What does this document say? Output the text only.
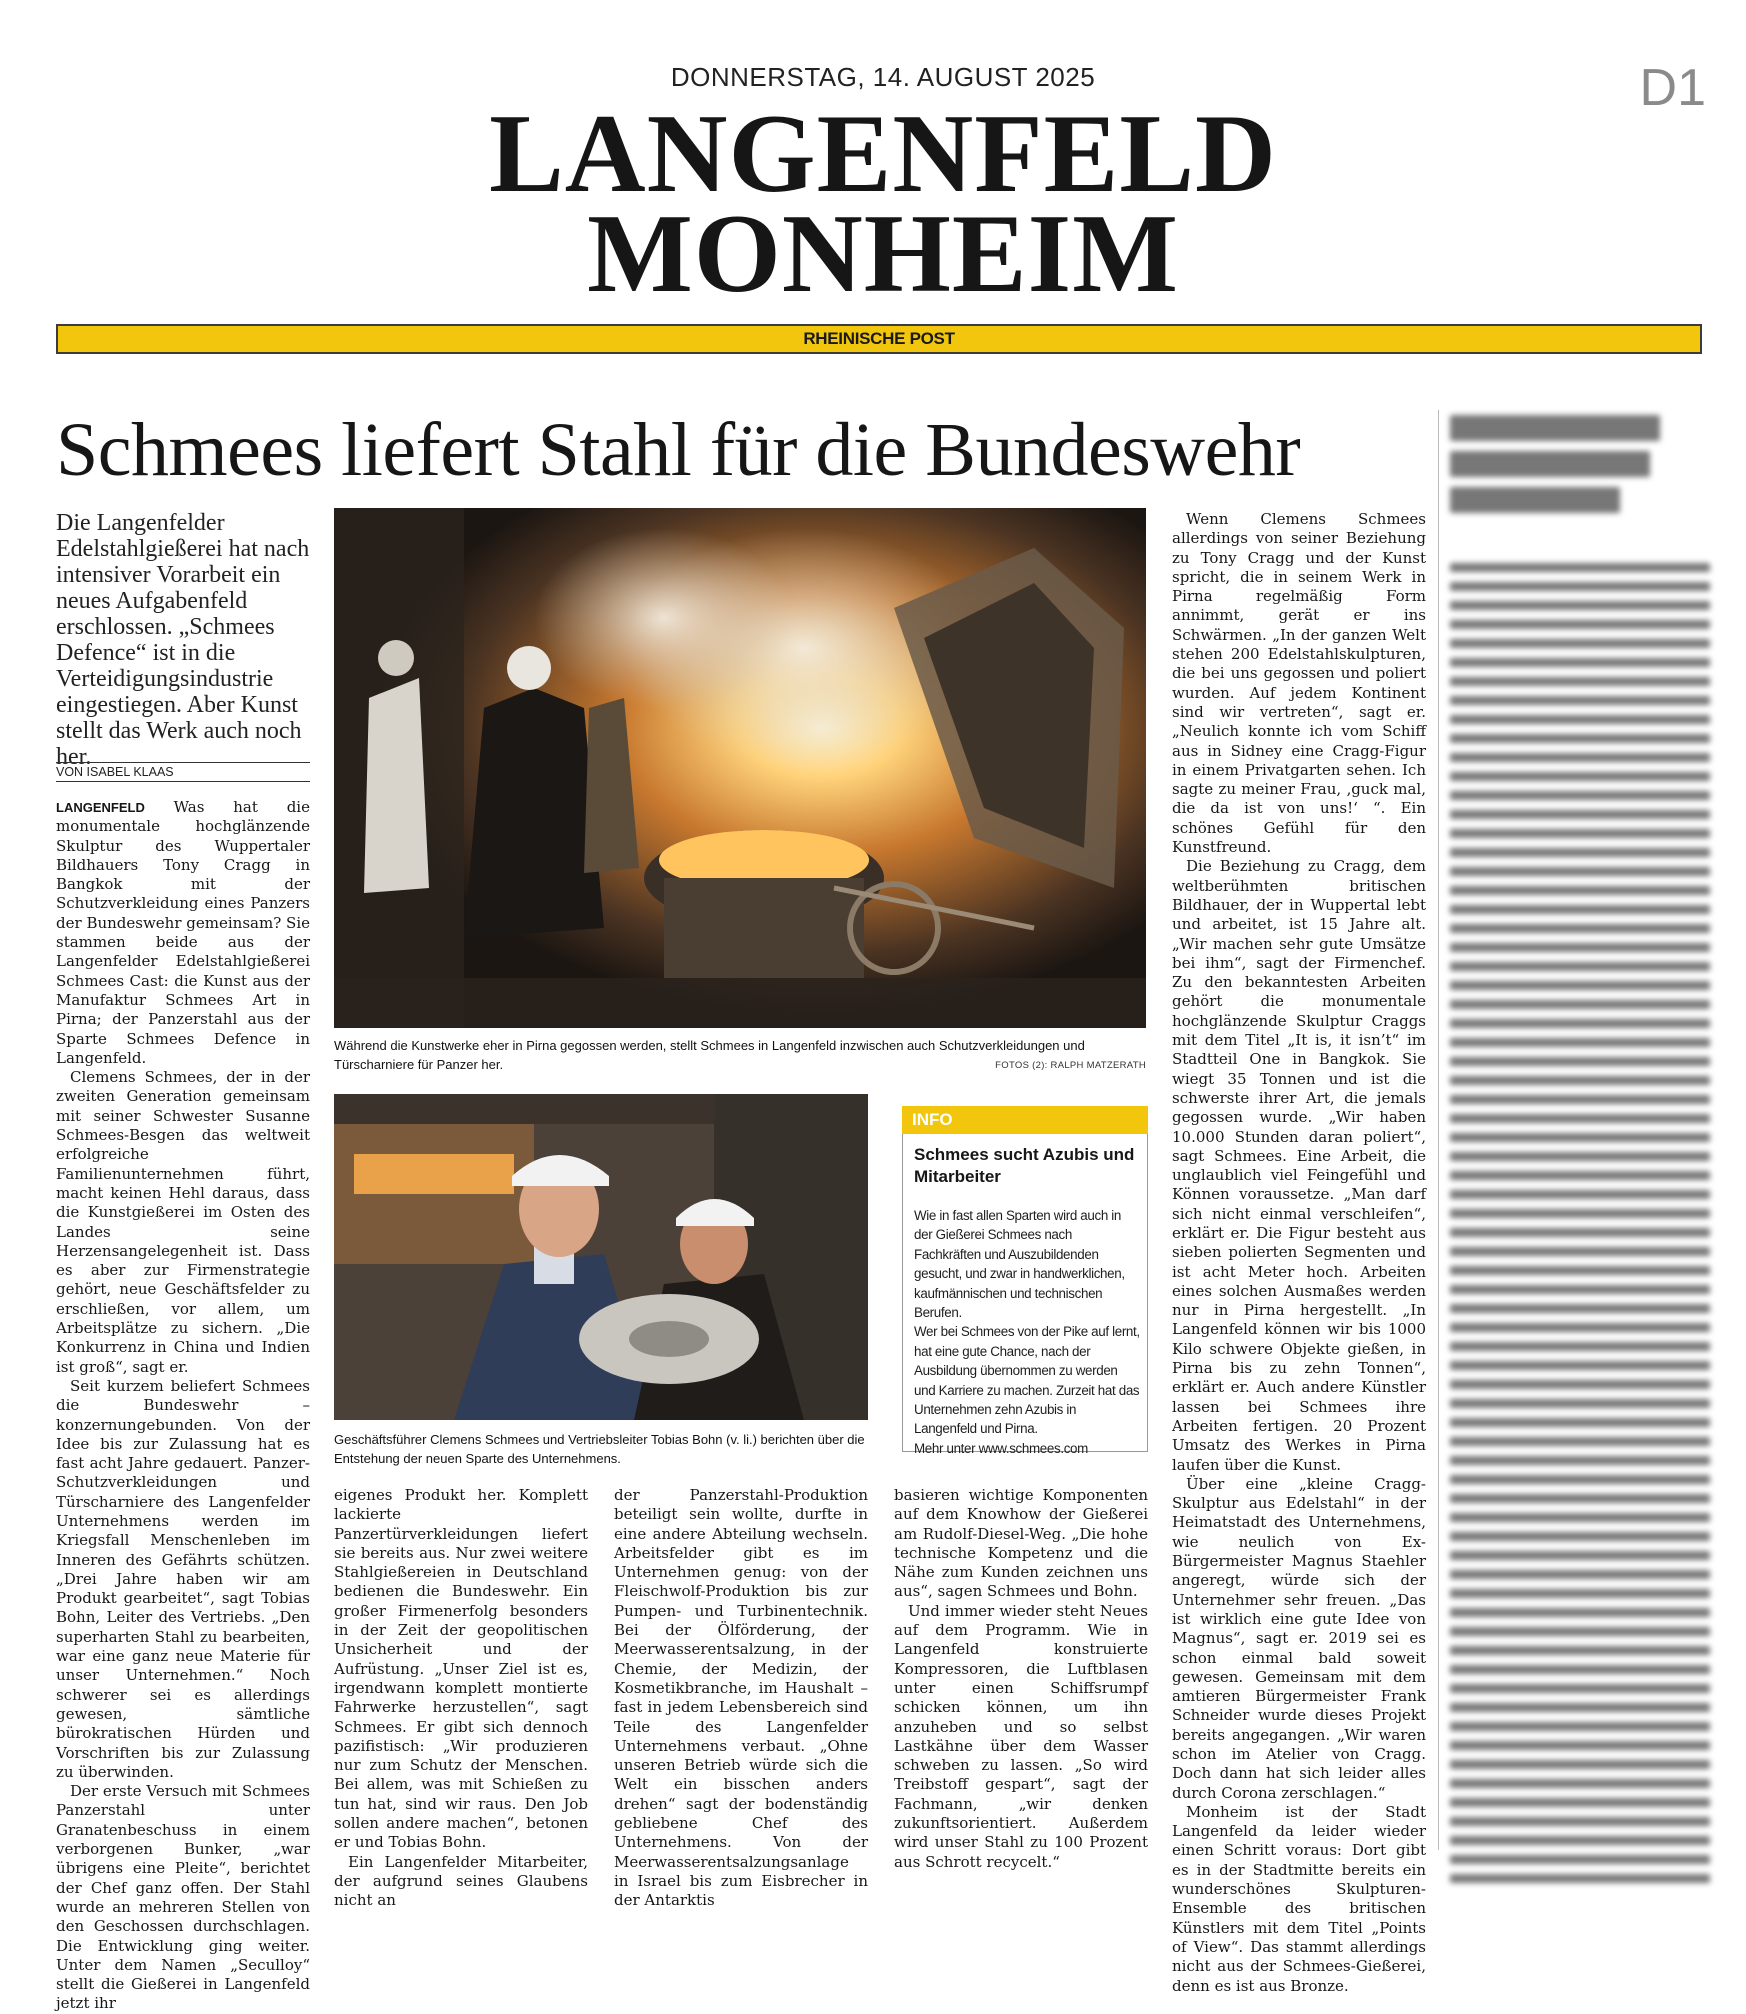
DONNERSTAG, 14. AUGUST 2025	D1
LANGENFELD
MONHEIM
RHEINISCHE POST
Schmees liefert Stahl für die Bundeswehr
Die Langenfelder Edelstahlgießerei hat nach intensiver Vorarbeit ein neues Aufgabenfeld erschlossen. „Schmees Defence“ ist in die Verteidigungsindustrie eingestiegen. Aber Kunst stellt das Werk auch noch her.
VON ISABEL KLAAS

LANGENFELD Was hat die monumentale hochglänzende Skulptur des Wuppertaler Bildhauers Tony Cragg in Bangkok mit der Schutzverkleidung eines Panzers der Bundeswehr gemeinsam? Sie stammen beide aus der Langenfelder Edelstahlgießerei Schmees Cast: die Kunst aus der Manufaktur Schmees Art in Pirna; der Panzerstahl aus der Sparte Schmees Defence in Langenfeld.

Clemens Schmees, der in der zweiten Generation gemeinsam mit seiner Schwester Susanne Schmees-Besgen das weltweit erfolgreiche Familienunternehmen führt, macht keinen Hehl daraus, dass die Kunstgießerei im Osten des Landes seine Herzensangelegenheit ist. Dass es aber zur Firmenstrategie gehört, neue Geschäftsfelder zu erschließen, vor allem, um Arbeitsplätze zu sichern. „Die Konkurrenz in China und Indien ist groß“, sagt er.

Seit kurzem beliefert Schmees die Bundeswehr – konzernungebunden. Von der Idee bis zur Zulassung hat es fast acht Jahre gedauert. Panzer-Schutzverkleidungen und Türscharniere des Langenfelder Unternehmens werden im Kriegsfall Menschenleben im Inneren des Gefährts schützen. „Drei Jahre haben wir am Produkt gearbeitet“, sagt Tobias Bohn, Leiter des Vertriebs. „Den superharten Stahl zu bearbeiten, war eine ganz neue Materie für unser Unternehmen.“ Noch schwerer sei es allerdings gewesen, sämtliche bürokratischen Hürden und Vorschriften bis zur Zulassung zu überwinden.

Der erste Versuch mit Schmees Panzerstahl unter Granatenbeschuss in einem verborgenen Bunker, „war übrigens eine Pleite“, berichtet der Chef ganz offen. Der Stahl wurde an mehreren Stellen von den Geschossen durchschlagen. Die Entwicklung ging weiter. Unter dem Namen „Seculloy“ stellt die Gießerei in Langenfeld jetzt ihr

Während die Kunstwerke eher in Pirna gegossen werden, stellt Schmees in Langenfeld inzwischen auch Schutzverkleidungen und Türscharniere für Panzer her.	FOTOS (2): RALPH MATZERATH
Geschäftsführer Clemens Schmees und Vertriebsleiter Tobias Bohn (v. li.) berichten über die Entstehung der neuen Sparte des Unternehmens.
INFO
Schmees sucht Azubis und Mitarbeiter

Wie in fast allen Sparten wird auch in der Gießerei Schmees nach Fachkräften und Auszubildenden gesucht, und zwar in handwerklichen, kaufmännischen und technischen Berufen.

Wer bei Schmees von der Pike auf lernt, hat eine gute Chance, nach der Ausbildung übernommen zu werden und Karriere zu machen. Zurzeit hat das Unternehmen zehn Azubis in Langenfeld und Pirna.

Mehr unter www.schmees.com

eigenes Produkt her. Komplett lackierte Panzertürverkleidungen liefert sie bereits aus. Nur zwei weitere Stahlgießereien in Deutschland bedienen die Bundeswehr. Ein großer Firmenerfolg besonders in der Zeit der geopolitischen Unsicherheit und der Aufrüstung. „Unser Ziel ist es, irgendwann komplett montierte Fahrwerke herzustellen“, sagt Schmees. Er gibt sich dennoch pazifistisch: „Wir produzieren nur zum Schutz der Menschen. Bei allem, was mit Schießen zu tun hat, sind wir raus. Den Job sollen andere machen“, betonen er und Tobias Bohn.

Ein Langenfelder Mitarbeiter, der aufgrund seines Glaubens nicht an

der Panzerstahl-Produktion beteiligt sein wollte, durfte in eine andere Abteilung wechseln. Arbeitsfelder gibt es im Unternehmen genug: von der Fleischwolf-Produktion bis zur Pumpen- und Turbinentechnik. Bei der Ölförderung, der Meerwasserentsalzung, in der Chemie, der Medizin, der Kosmetikbranche, im Haushalt – fast in jedem Lebensbereich sind Teile des Langenfelder Unternehmens verbaut. „Ohne unseren Betrieb würde sich die Welt ein bisschen anders drehen“ sagt der bodenständig gebliebene Chef des Unternehmens. Von der Meerwasserentsalzungsanlage in Israel bis zum Eisbrecher in der Antarktis

basieren wichtige Komponenten auf dem Knowhow der Gießerei am Rudolf-Diesel-Weg. „Die hohe technische Kompetenz und die Nähe zum Kunden zeichnen uns aus“, sagen Schmees und Bohn.

Und immer wieder steht Neues auf dem Programm. Wie in Langenfeld konstruierte Kompressoren, die Luftblasen unter einen Schiffsrumpf schicken können, um ihn anzuheben und so selbst Lastkähne über dem Wasser schweben zu lassen. „So wird Treibstoff gespart“, sagt der Fachmann, „wir denken zukunftsorientiert. Außerdem wird unser Stahl zu 100 Prozent aus Schrott recycelt.“

Wenn Clemens Schmees allerdings von seiner Beziehung zu Tony Cragg und der Kunst spricht, die in seinem Werk in Pirna regelmäßig Form annimmt, gerät er ins Schwärmen. „In der ganzen Welt stehen 200 Edelstahlskulpturen, die bei uns gegossen und poliert wurden. Auf jedem Kontinent sind wir vertreten“, sagt er. „Neulich konnte ich vom Schiff aus in Sidney eine Cragg-Figur in einem Privatgarten sehen. Ich sagte zu meiner Frau, ‚guck mal, die da ist von uns!‘ “. Ein schönes Gefühl für den Kunstfreund.

Die Beziehung zu Cragg, dem weltberühmten britischen Bildhauer, der in Wuppertal lebt und arbeitet, ist 15 Jahre alt. „Wir machen sehr gute Umsätze bei ihm“, sagt der Firmenchef. Zu den bekanntesten Arbeiten gehört die monumentale hochglänzende Skulptur Craggs mit dem Titel „It is, it isn’t“ im Stadtteil One in Bangkok. Sie wiegt 35 Tonnen und ist die schwerste ihrer Art, die jemals gegossen wurde. „Wir haben 10.000 Stunden daran poliert“, sagt Schmees. Eine Arbeit, die unglaublich viel Feingefühl und Können voraussetze. „Man darf sich nicht einmal verschleifen“, erklärt er. Die Figur besteht aus sieben polierten Segmenten und ist acht Meter hoch. Arbeiten eines solchen Ausmaßes werden nur in Pirna hergestellt. „In Langenfeld können wir bis 1000 Kilo schwere Objekte gießen, in Pirna bis zu zehn Tonnen“, erklärt er. Auch andere Künstler lassen bei Schmees ihre Arbeiten fertigen. 20 Prozent Umsatz des Werkes in Pirna laufen über die Kunst.

Über eine „kleine Cragg-Skulptur aus Edelstahl“ in der Heimatstadt des Unternehmens, wie neulich von Ex-Bürgermeister Magnus Staehler angeregt, würde sich der Unternehmer sehr freuen. „Das ist wirklich eine gute Idee von Magnus“, sagt er. 2019 sei es schon einmal bald soweit gewesen. Gemeinsam mit dem amtieren Bürgermeister Frank Schneider wurde dieses Projekt bereits angegangen. „Wir waren schon im Atelier von Cragg. Doch dann hat sich leider alles durch Corona zerschlagen.“

Monheim ist der Stadt Langenfeld da leider wieder einen Schritt voraus: Dort gibt es in der Stadtmitte bereits ein wunderschönes Skulpturen-Ensemble des britischen Künstlers mit dem Titel „Points of View“. Das stammt allerdings nicht aus der Schmees-Gießerei, denn es ist aus Bronze.
